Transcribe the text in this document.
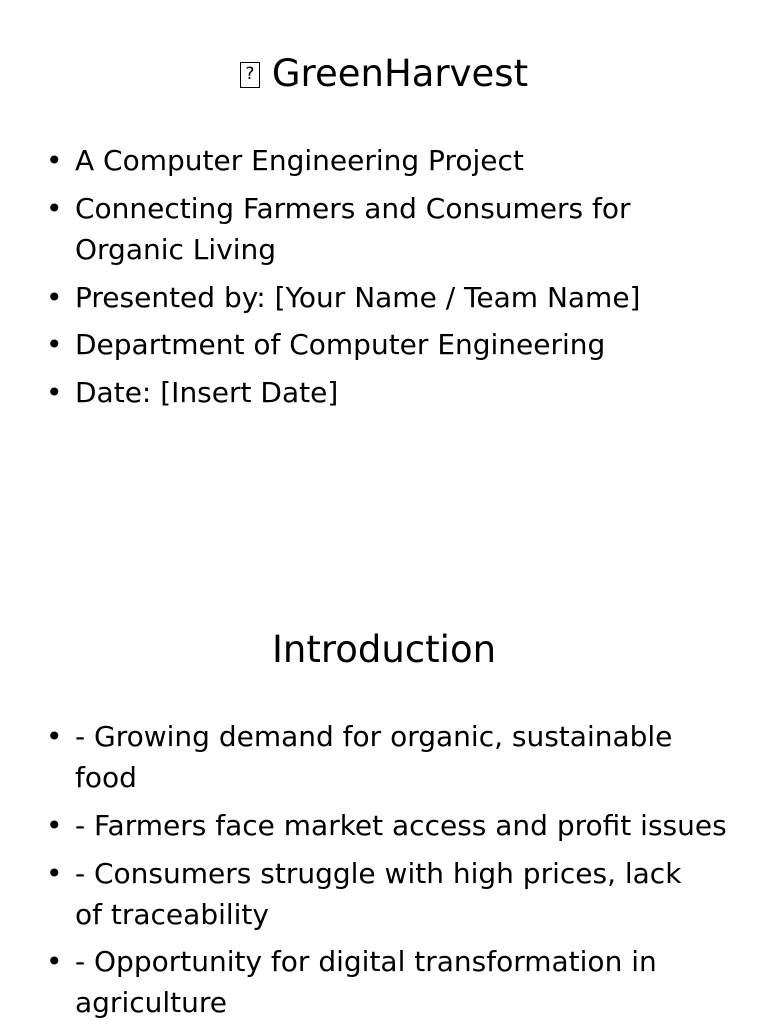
?GreenHarvest
• A Computer Engineering Project
• Connecting Farmers and Consumers for Organic Living
• Presented by: [Your Name / Team Name]
• Department of Computer Engineering
• Date: [Insert Date]
Introduction
• - Growing demand for organic, sustainable food
• - Farmers face market access and profit issues
• - Consumers struggle with high prices, lack of traceability
• - Opportunity for digital transformation in agriculture
